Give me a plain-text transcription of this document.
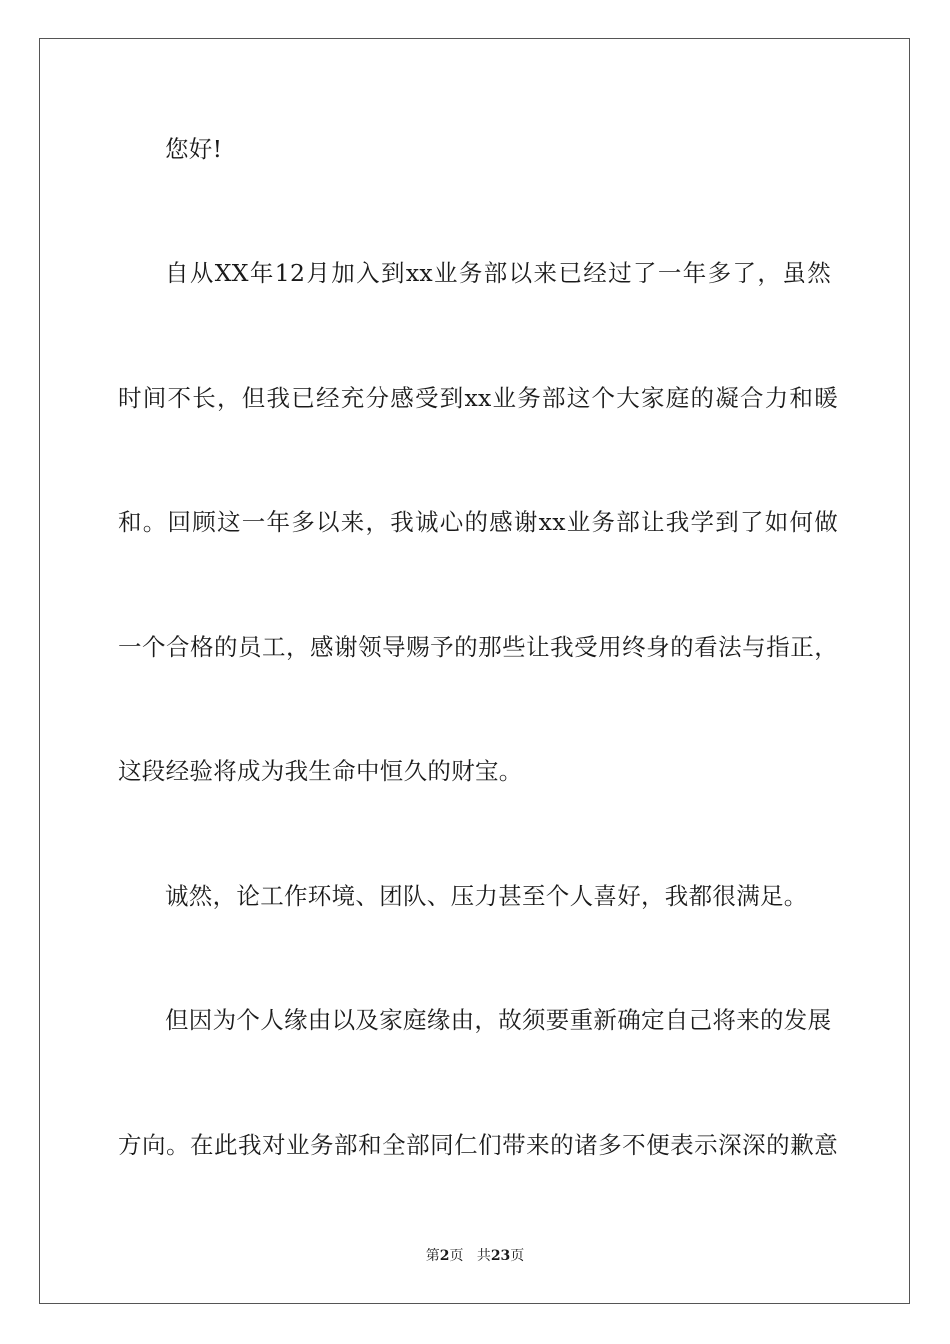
您好!
自从XX年12月加入到xx业务部以来已经过了一年多了，虽然
时间不长，但我已经充分感受到xx业务部这个大家庭的凝合力和暖
和。回顾这一年多以来，我诚心的感谢xx业务部让我学到了如何做
一个合格的员工，感谢领导赐予的那些让我受用终身的看法与指正，
这段经验将成为我生命中恒久的财宝。
诚然，论工作环境、团队、压力甚至个人喜好，我都很满足。
但因为个人缘由以及家庭缘由，故须要重新确定自己将来的发展
方向。在此我对业务部和全部同仁们带来的诸多不便表示深深的歉意
第2页 共23页
